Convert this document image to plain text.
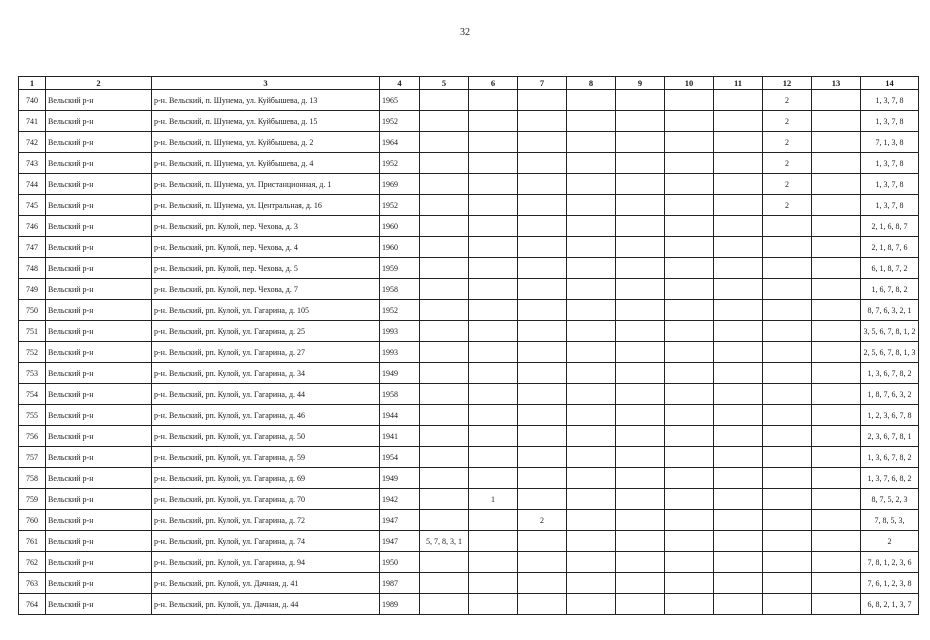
32
1	2	3	4	5	6	7	8	9	10	11	12	13	14
740	Вельский р-н	р-н. Вельский, п. Шунема, ул. Куйбышева, д. 13	1965								2		1, 3, 7, 8
741	Вельский р-н	р-н. Вельский, п. Шунема, ул. Куйбышева, д. 15	1952								2		1, 3, 7, 8
742	Вельский р-н	р-н. Вельский, п. Шунема, ул. Куйбышева, д. 2	1964								2		7, 1, 3, 8
743	Вельский р-н	р-н. Вельский, п. Шунема, ул. Куйбышева, д. 4	1952								2		1, 3, 7, 8
744	Вельский р-н	р-н. Вельский, п. Шунема, ул. Пристанционная, д. 1	1969								2		1, 3, 7, 8
745	Вельский р-н	р-н. Вельский, п. Шунема, ул. Центральная, д. 16	1952								2		1, 3, 7, 8
746	Вельский р-н	р-н. Вельский, рп. Кулой, пер. Чехова, д. 3	1960										2, 1, 6, 8, 7
747	Вельский р-н	р-н. Вельский, рп. Кулой, пер. Чехова, д. 4	1960										2, 1, 8, 7, 6
748	Вельский р-н	р-н. Вельский, рп. Кулой, пер. Чехова, д. 5	1959										6, 1, 8, 7, 2
749	Вельский р-н	р-н. Вельский, рп. Кулой, пер. Чехова, д. 7	1958										1, 6, 7, 8, 2
750	Вельский р-н	р-н. Вельский, рп. Кулой, ул. Гагарина, д. 105	1952										8, 7, 6, 3, 2, 1
751	Вельский р-н	р-н. Вельский, рп. Кулой, ул. Гагарина, д. 25	1993										3, 5, 6, 7, 8, 1, 2
752	Вельский р-н	р-н. Вельский, рп. Кулой, ул. Гагарина, д. 27	1993										2, 5, 6, 7, 8, 1, 3
753	Вельский р-н	р-н. Вельский, рп. Кулой, ул. Гагарина, д. 34	1949										1, 3, 6, 7, 8, 2
754	Вельский р-н	р-н. Вельский, рп. Кулой, ул. Гагарина, д. 44	1958										1, 8, 7, 6, 3, 2
755	Вельский р-н	р-н. Вельский, рп. Кулой, ул. Гагарина, д. 46	1944										1, 2, 3, 6, 7, 8
756	Вельский р-н	р-н. Вельский, рп. Кулой, ул. Гагарина, д. 50	1941										2, 3, 6, 7, 8, 1
757	Вельский р-н	р-н. Вельский, рп. Кулой, ул. Гагарина, д. 59	1954										1, 3, 6, 7, 8, 2
758	Вельский р-н	р-н. Вельский, рп. Кулой, ул. Гагарина, д. 69	1949										1, 3, 7, 6, 8, 2
759	Вельский р-н	р-н. Вельский, рп. Кулой, ул. Гагарина, д. 70	1942		1								8, 7, 5, 2, 3
760	Вельский р-н	р-н. Вельский, рп. Кулой, ул. Гагарина, д. 72	1947			2							7, 8, 5, 3,
761	Вельский р-н	р-н. Вельский, рп. Кулой, ул. Гагарина, д. 74	1947	5, 7, 8, 3, 1									2
762	Вельский р-н	р-н. Вельский, рп. Кулой, ул. Гагарина, д. 94	1950										7, 8, 1, 2, 3, 6
763	Вельский р-н	р-н. Вельский, рп. Кулой, ул. Дачная, д. 41	1987										7, 6, 1, 2, 3, 8
764	Вельский р-н	р-н. Вельский, рп. Кулой, ул. Дачная, д. 44	1989										6, 8, 2, 1, 3, 7
